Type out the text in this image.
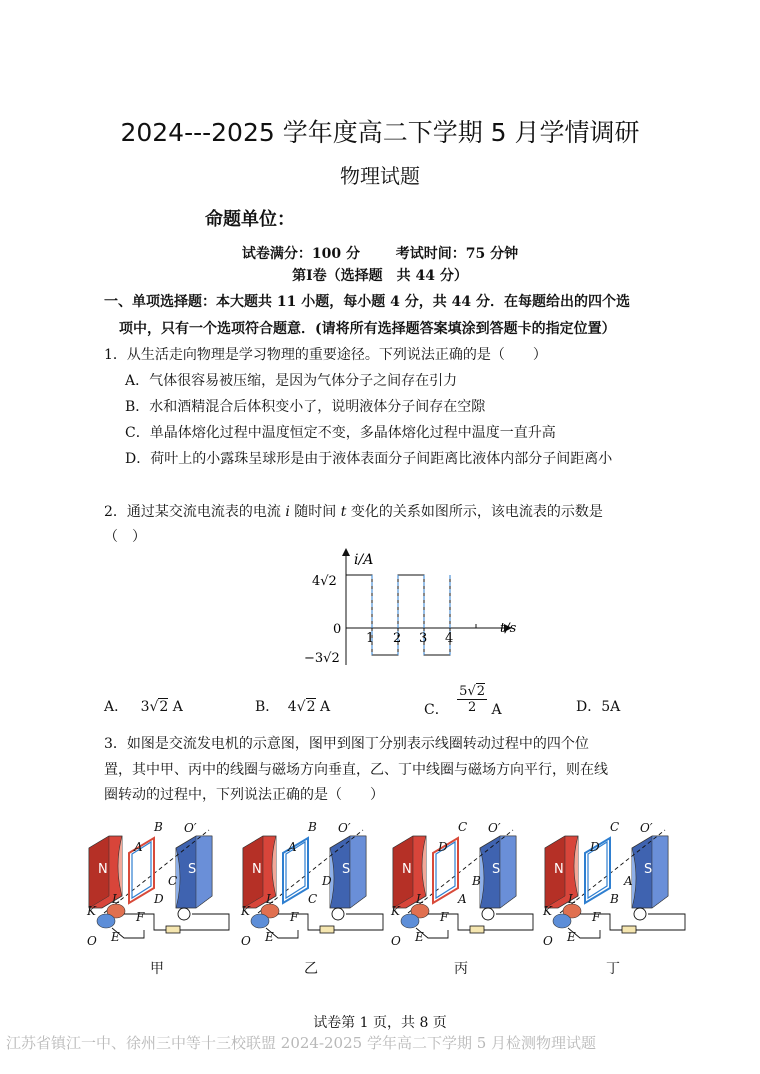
2024---2025 学年度高二下学期 5 月学情调研
物理试题
命题单位：
试卷满分：100 分	考试时间：75 分钟
第Ⅰ卷（选择题　共 44 分）
一、单项选择题：本大题共 11 小题，每小题 4 分，共 44 分．在每题给出的四个选
项中，只有一个选项符合题意．(请将所有选择题答案填涂到答题卡的指定位置）
1．从生活走向物理是学习物理的重要途径。下列说法正确的是（　　）
A．气体很容易被压缩，是因为气体分子之间存在引力
B．水和酒精混合后体积变小了，说明液体分子间存在空隙
C．单晶体熔化过程中温度恒定不变，多晶体熔化过程中温度一直升高
D．荷叶上的小露珠呈球形是由于液体表面分子间距离比液体内部分子间距离小
2．通过某交流电流表的电流 i 随时间 t 变化的关系如图所示，该电流表的示数是
（　）
i/A
t/s
0
4√2
−3√2
1 2 3 4
A． 3√2 A	B． 4√2 A	C． $\frac{5√2}{2}$ A	D．5A
3．如图是交流发电机的示意图，图甲到图丁分别表示线圈转动过程中的四个位
置，其中甲、丙中的线圈与磁场方向垂直，乙、丁中线圈与磁场方向平行，则在线
圈转动的过程中，下列说法正确的是（　　）
N	S
B
A
C
D
O′
K
L
F
E
O
甲
N	S
B
A
D
C
O′
K
L
F
E
O
乙
N	S
C
D
B
A
O′
K
L
F
E
O
丙
N	S
C
D
A
B
O′
K
L
F
E
O
丁
试卷第 1 页，共 8 页
江苏省镇江一中、徐州三中等十三校联盟 2024-2025 学年高二下学期 5 月检测物理试题
